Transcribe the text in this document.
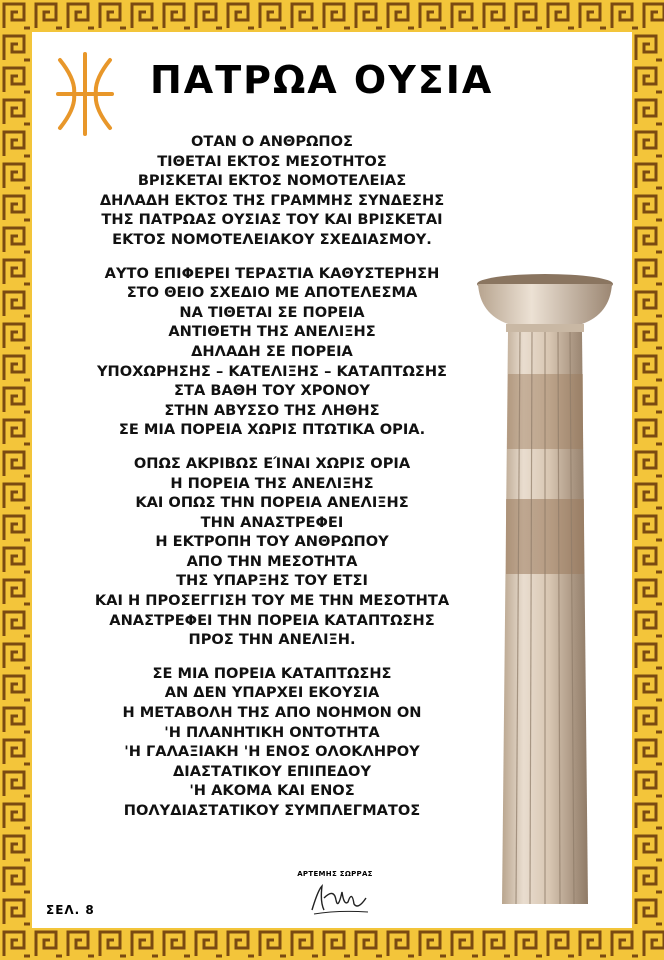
ΠΑΤΡΩΑ ΟΥΣΙΑ
ΟΤΑΝ Ο ΑΝΘΡΩΠΟΣ
ΤΙΘΕΤΑΙ ΕΚΤΟΣ ΜΕΣΟΤΗΤΟΣ
ΒΡΙΣΚΕΤΑΙ ΕΚΤΟΣ ΝΟΜΟΤΕΛΕΙΑΣ
ΔΗΛΑΔΗ ΕΚΤΟΣ ΤΗΣ ΓΡΑΜΜΗΣ ΣΥΝΔΕΣΗΣ
ΤΗΣ ΠΑΤΡΩΑΣ ΟΥΣΙΑΣ ΤΟΥ ΚΑΙ ΒΡΙΣΚΕΤΑΙ
ΕΚΤΟΣ ΝΟΜΟΤΕΛΕΙΑΚΟΥ ΣΧΕΔΙΑΣΜΟΥ.
ΑΥΤΟ ΕΠΙΦΕΡΕΙ ΤΕΡΑΣΤΙΑ ΚΑΘΥΣΤΕΡΗΣΗ
ΣΤΟ ΘΕΙΟ ΣΧΕΔΙΟ ΜΕ ΑΠΟΤΕΛΕΣΜΑ
ΝΑ ΤΙΘΕΤΑΙ ΣΕ ΠΟΡΕΙΑ
ΑΝΤΙΘΕΤΗ ΤΗΣ ΑΝΕΛΙΞΗΣ
ΔΗΛΑΔΗ ΣΕ ΠΟΡΕΙΑ
ΥΠΟΧΩΡΗΣΗΣ – ΚΑΤΕΛΙΞΗΣ – ΚΑΤΑΠΤΩΣΗΣ
ΣΤΑ ΒΑΘΗ ΤΟΥ ΧΡΟΝΟΥ
ΣΤΗΝ ΑΒΥΣΣΟ ΤΗΣ ΛΗΘΗΣ
ΣΕ ΜΙΑ ΠΟΡΕΙΑ ΧΩΡΙΣ ΠΤΩΤΙΚΑ ΟΡΙΑ.
ΟΠΩΣ ΑΚΡΙΒΩΣ ΕΊΝΑΙ ΧΩΡΙΣ ΟΡΙΑ
Η ΠΟΡΕΙΑ ΤΗΣ ΑΝΕΛΙΞΗΣ
ΚΑΙ ΟΠΩΣ ΤΗΝ ΠΟΡΕΙΑ ΑΝΕΛΙΞΗΣ
ΤΗΝ ΑΝΑΣΤΡΕΦΕΙ
Η ΕΚΤΡΟΠΗ ΤΟΥ ΑΝΘΡΩΠΟΥ
ΑΠΟ ΤΗΝ ΜΕΣΟΤΗΤΑ
ΤΗΣ ΥΠΑΡΞΗΣ ΤΟΥ ΕΤΣΙ
ΚΑΙ Η ΠΡΟΣΕΓΓΙΣΗ ΤΟΥ ΜΕ ΤΗΝ ΜΕΣΟΤΗΤΑ
ΑΝΑΣΤΡΕΦΕΙ ΤΗΝ ΠΟΡΕΙΑ ΚΑΤΑΠΤΩΣΗΣ
ΠΡΟΣ ΤΗΝ ΑΝΕΛΙΞΗ.
ΣΕ ΜΙΑ ΠΟΡΕΙΑ ΚΑΤΑΠΤΩΣΗΣ
ΑΝ ΔΕΝ ΥΠΑΡΧΕΙ ΕΚΟΥΣΙΑ
Η ΜΕΤΑΒΟΛΗ ΤΗΣ ΑΠΟ ΝΟΗΜΟΝ ΟΝ
'Η ΠΛΑΝΗΤΙΚΗ ΟΝΤΟΤΗΤΑ
'Η ΓΑΛΑΞΙΑΚΗ 'Η ΕΝΟΣ ΟΛΟΚΛΗΡΟΥ
ΔΙΑΣΤΑΤΙΚΟΥ ΕΠΙΠΕΔΟΥ
'Η ΑΚΟΜΑ ΚΑΙ ΕΝΟΣ
ΠΟΛΥΔΙΑΣΤΑΤΙΚΟΥ ΣΥΜΠΛΕΓΜΑΤΟΣ
ΑΡΤΕΜΗΣ ΣΩΡΡΑΣ
ΣΕΛ. 8
